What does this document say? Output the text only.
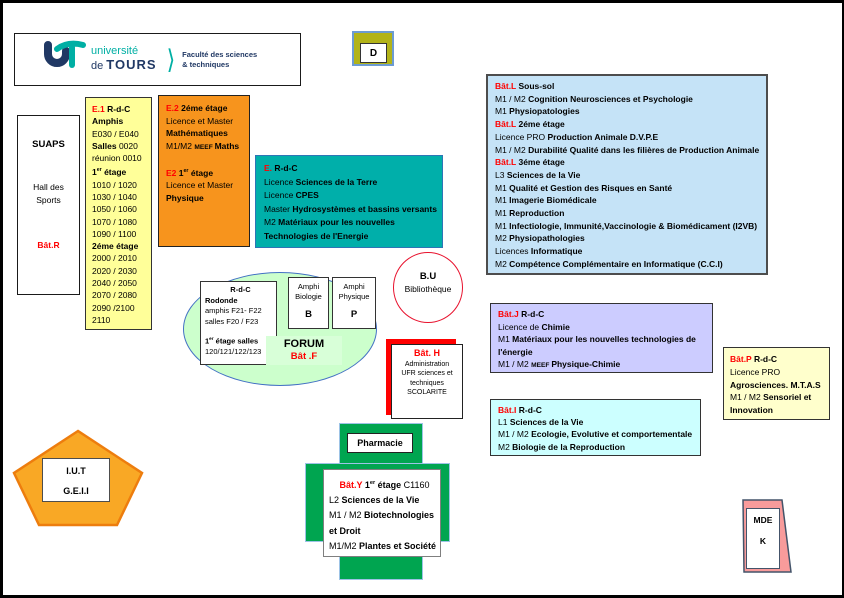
université
de TOURS ⟩ Faculté des sciences
& techniques
D
SUAPS
Hall des
Sports
Bât.R
E.1 R-d-C
Amphis
E030 / E040
Salles 0020
réunion 0010
1er étage
1010 / 1020
1030 / 1040
1050 / 1060
1070 / 1080
1090 / 1100
2éme étage
2000 / 2010
2020 / 2030
2040 / 2050
2070 / 2080
2090 /2100
2110
E.2 2éme étage
Licence et Master
Mathématiques
M1/M2 MEEF Maths
E2 1er étage
Licence et Master
Physique
E. R-d-C
Licence Sciences de la Terre
Licence CPES
Master Hydrosystèmes et bassins versants
M2 Matériaux pour les nouvelles
Technologies de l'Energie
Bât.L Sous-sol
M1 / M2 Cognition Neurosciences et Psychologie
M1 Physiopatologies
Bât.L 2éme étage
Licence PRO Production Animale D.V.P.E
M1 / M2 Durabilité Qualité dans les filières de Production Animale
Bât.L 3éme étage
L3 Sciences de la Vie
M1 Qualité et Gestion des Risques en Santé
M1 Imagerie Biomédicale
M1 Reproduction
M1 Infectiologie, Immunité,Vaccinologie & Biomédicament (I2VB)
M2 Physiopathologies
Licences Informatique
M2 Compétence Complémentaire en Informatique (C.C.I)
B.U
Bibliothèque
R-d-C
Rodonde
amphis F21- F22
salles F20 / F23
1er étage salles
120/121/122/123
Amphi
Biologie
B
Amphi
Physique
P
FORUM
Bât .F	Bât. H
Administration
UFR sciences et
techniques
SCOLARITE
Bât.J R-d-C
Licence de Chimie
M1 Matériaux pour les nouvelles technologies de
l'énergie
M1 / M2 MEEF Physique-Chimie
Bât.P R-d-C
Licence PRO
Agrosciences. M.T.A.S
M1 / M2 Sensoriel et
Innovation
Bât.I R-d-C
L1 Sciences de la Vie
M1 / M2 Ecologie, Evolutive et comportementale
M2 Biologie de la Reproduction
Pharmacie
Bât.Y 1er étage C1160
L2 Sciences de la Vie
M1 / M2 Biotechnologies
et Droit
M1/M2 Plantes et Société
I.U.T
G.E.I.I
MDE
K
